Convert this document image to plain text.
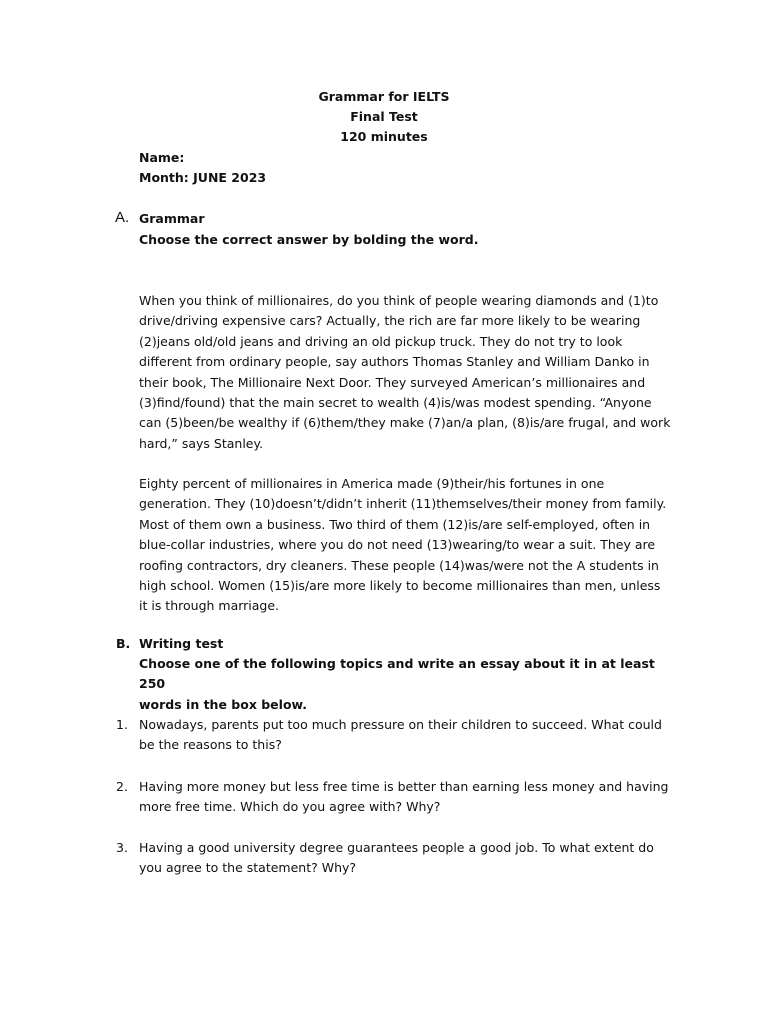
Grammar for IELTS
Final Test
120 minutes
Name:
Month: JUNE 2023
A. Grammar
Choose the correct answer by bolding the word.
When you think of millionaires, do you think of people wearing diamonds and (1)to
drive/driving expensive cars? Actually, the rich are far more likely to be wearing
(2)jeans old/old jeans and driving an old pickup truck. They do not try to look
different from ordinary people, say authors Thomas Stanley and William Danko in
their book, The Millionaire Next Door. They surveyed American’s millionaires and
(3)find/found) that the main secret to wealth (4)is/was modest spending. “Anyone
can (5)been/be wealthy if (6)them/they make (7)an/a plan, (8)is/are frugal, and work
hard,” says Stanley.
Eighty percent of millionaires in America made (9)their/his fortunes in one
generation. They (10)doesn’t/didn’t inherit (11)themselves/their money from family.
Most of them own a business. Two third of them (12)is/are self-employed, often in
blue-collar industries, where you do not need (13)wearing/to wear a suit. They are
roofing contractors, dry cleaners. These people (14)was/were not the A students in
high school. Women (15)is/are more likely to become millionaires than men, unless
it is through marriage.
B. Writing test
Choose one of the following topics and write an essay about it in at least 250
words in the box below.
1. Nowadays, parents put too much pressure on their children to succeed. What could
be the reasons to this?
2. Having more money but less free time is better than earning less money and having
more free time. Which do you agree with? Why?
3. Having a good university degree guarantees people a good job. To what extent do
you agree to the statement? Why?
